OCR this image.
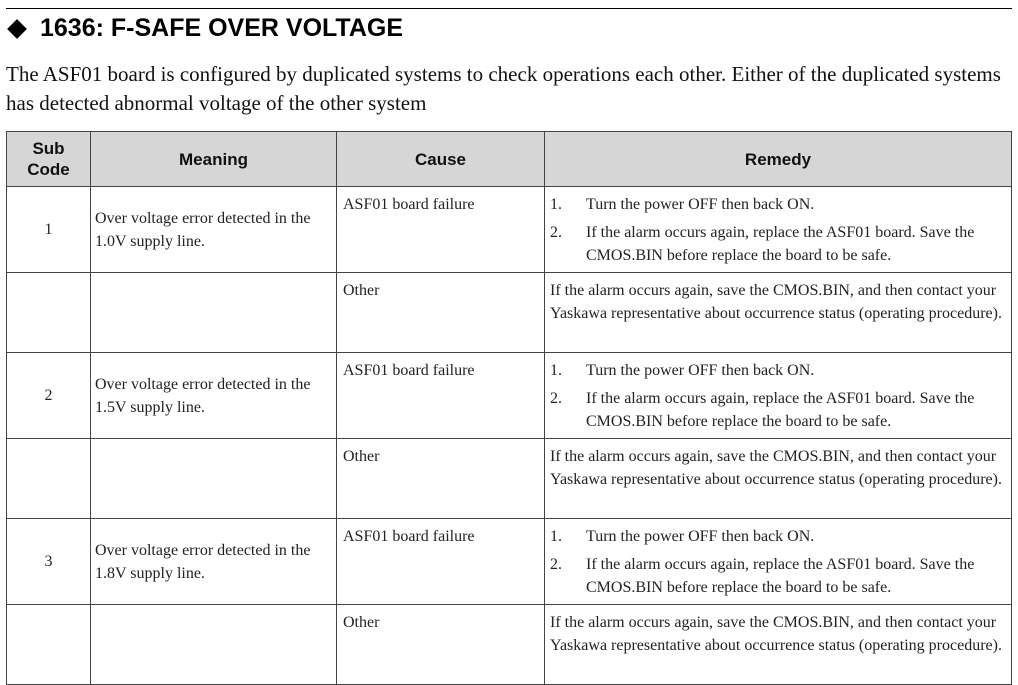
1636: F-SAFE OVER VOLTAGE

The ASF01 board is configured by duplicated systems to check operations each other. Either of the duplicated systems has detected abnormal voltage of the other system

Sub
Code	Meaning	Cause	Remedy
1	Over voltage error detected in the 1.0V supply line.	ASF01 board failure	1. Turn the power OFF then back ON.
2. If the alarm occurs again, replace the ASF01 board. Save the CMOS.BIN before replace the board to be safe.

		Other	If the alarm occurs again, save the CMOS.BIN, and then contact your Yaskawa representative about occurrence status (operating procedure).
2	Over voltage error detected in the 1.5V supply line.	ASF01 board failure	1. Turn the power OFF then back ON.
2. If the alarm occurs again, replace the ASF01 board. Save the CMOS.BIN before replace the board to be safe.

		Other	If the alarm occurs again, save the CMOS.BIN, and then contact your Yaskawa representative about occurrence status (operating procedure).
3	Over voltage error detected in the 1.8V supply line.	ASF01 board failure	1. Turn the power OFF then back ON.
2. If the alarm occurs again, replace the ASF01 board. Save the CMOS.BIN before replace the board to be safe.

		Other	If the alarm occurs again, save the CMOS.BIN, and then contact your Yaskawa representative about occurrence status (operating procedure).
